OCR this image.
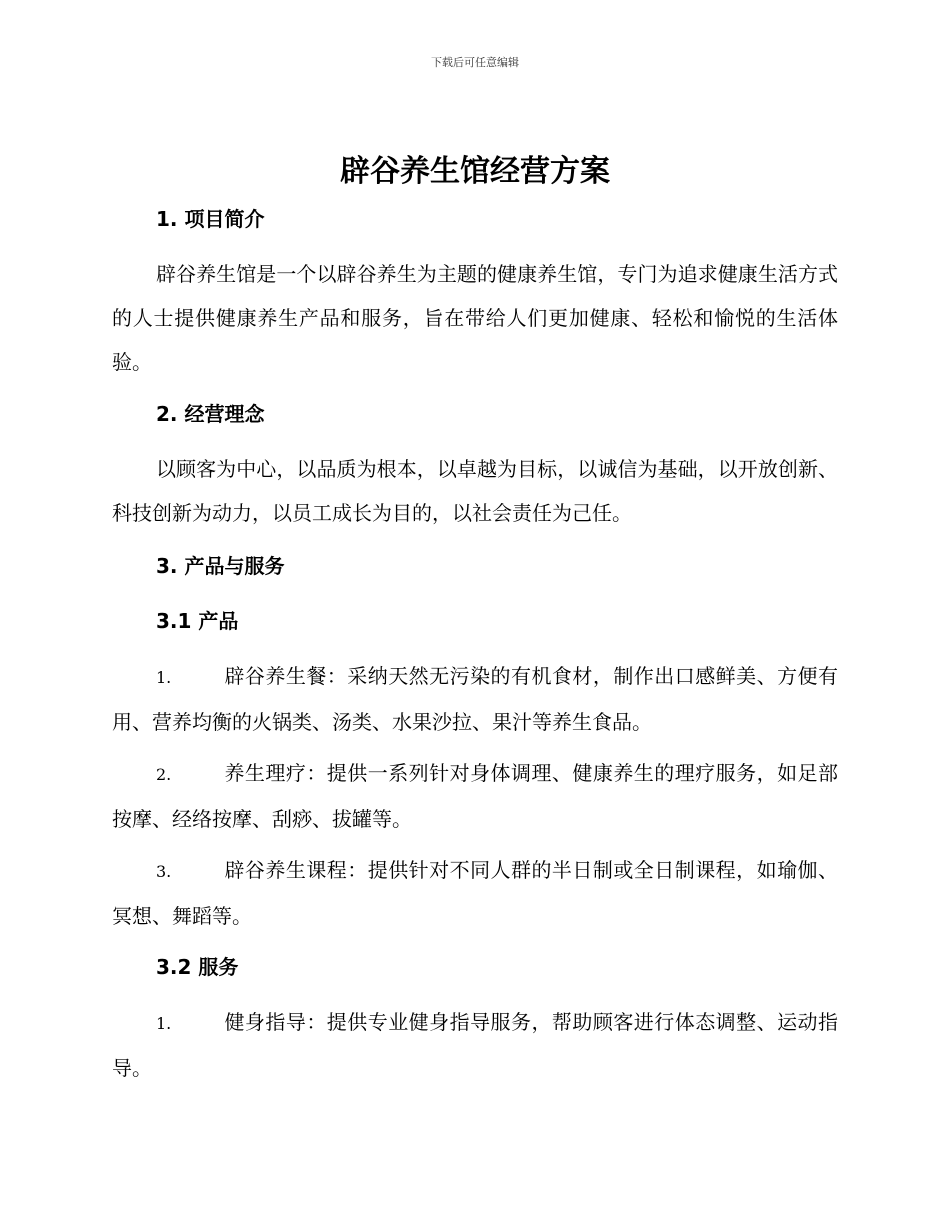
下载后可任意编辑
辟谷养生馆经营方案
1. 项目简介

辟谷养生馆是一个以辟谷养生为主题的健康养生馆，专门为追求健康生活方式的人士提供健康养生产品和服务，旨在带给人们更加健康、轻松和愉悦的生活体验。

2. 经营理念

以顾客为中心，以品质为根本，以卓越为目标，以诚信为基础，以开放创新、科技创新为动力，以员工成长为目的，以社会责任为己任。

3. 产品与服务
3.1 产品

1.	辟谷养生餐：采纳天然无污染的有机食材，制作出口感鲜美、方便有用、营养均衡的火锅类、汤类、水果沙拉、果汁等养生食品。

2.	养生理疗：提供一系列针对身体调理、健康养生的理疗服务，如足部按摩、经络按摩、刮痧、拔罐等。

3.	辟谷养生课程：提供针对不同人群的半日制或全日制课程，如瑜伽、冥想、舞蹈等。

3.2 服务

1.	健身指导：提供专业健身指导服务，帮助顾客进行体态调整、运动指导。
